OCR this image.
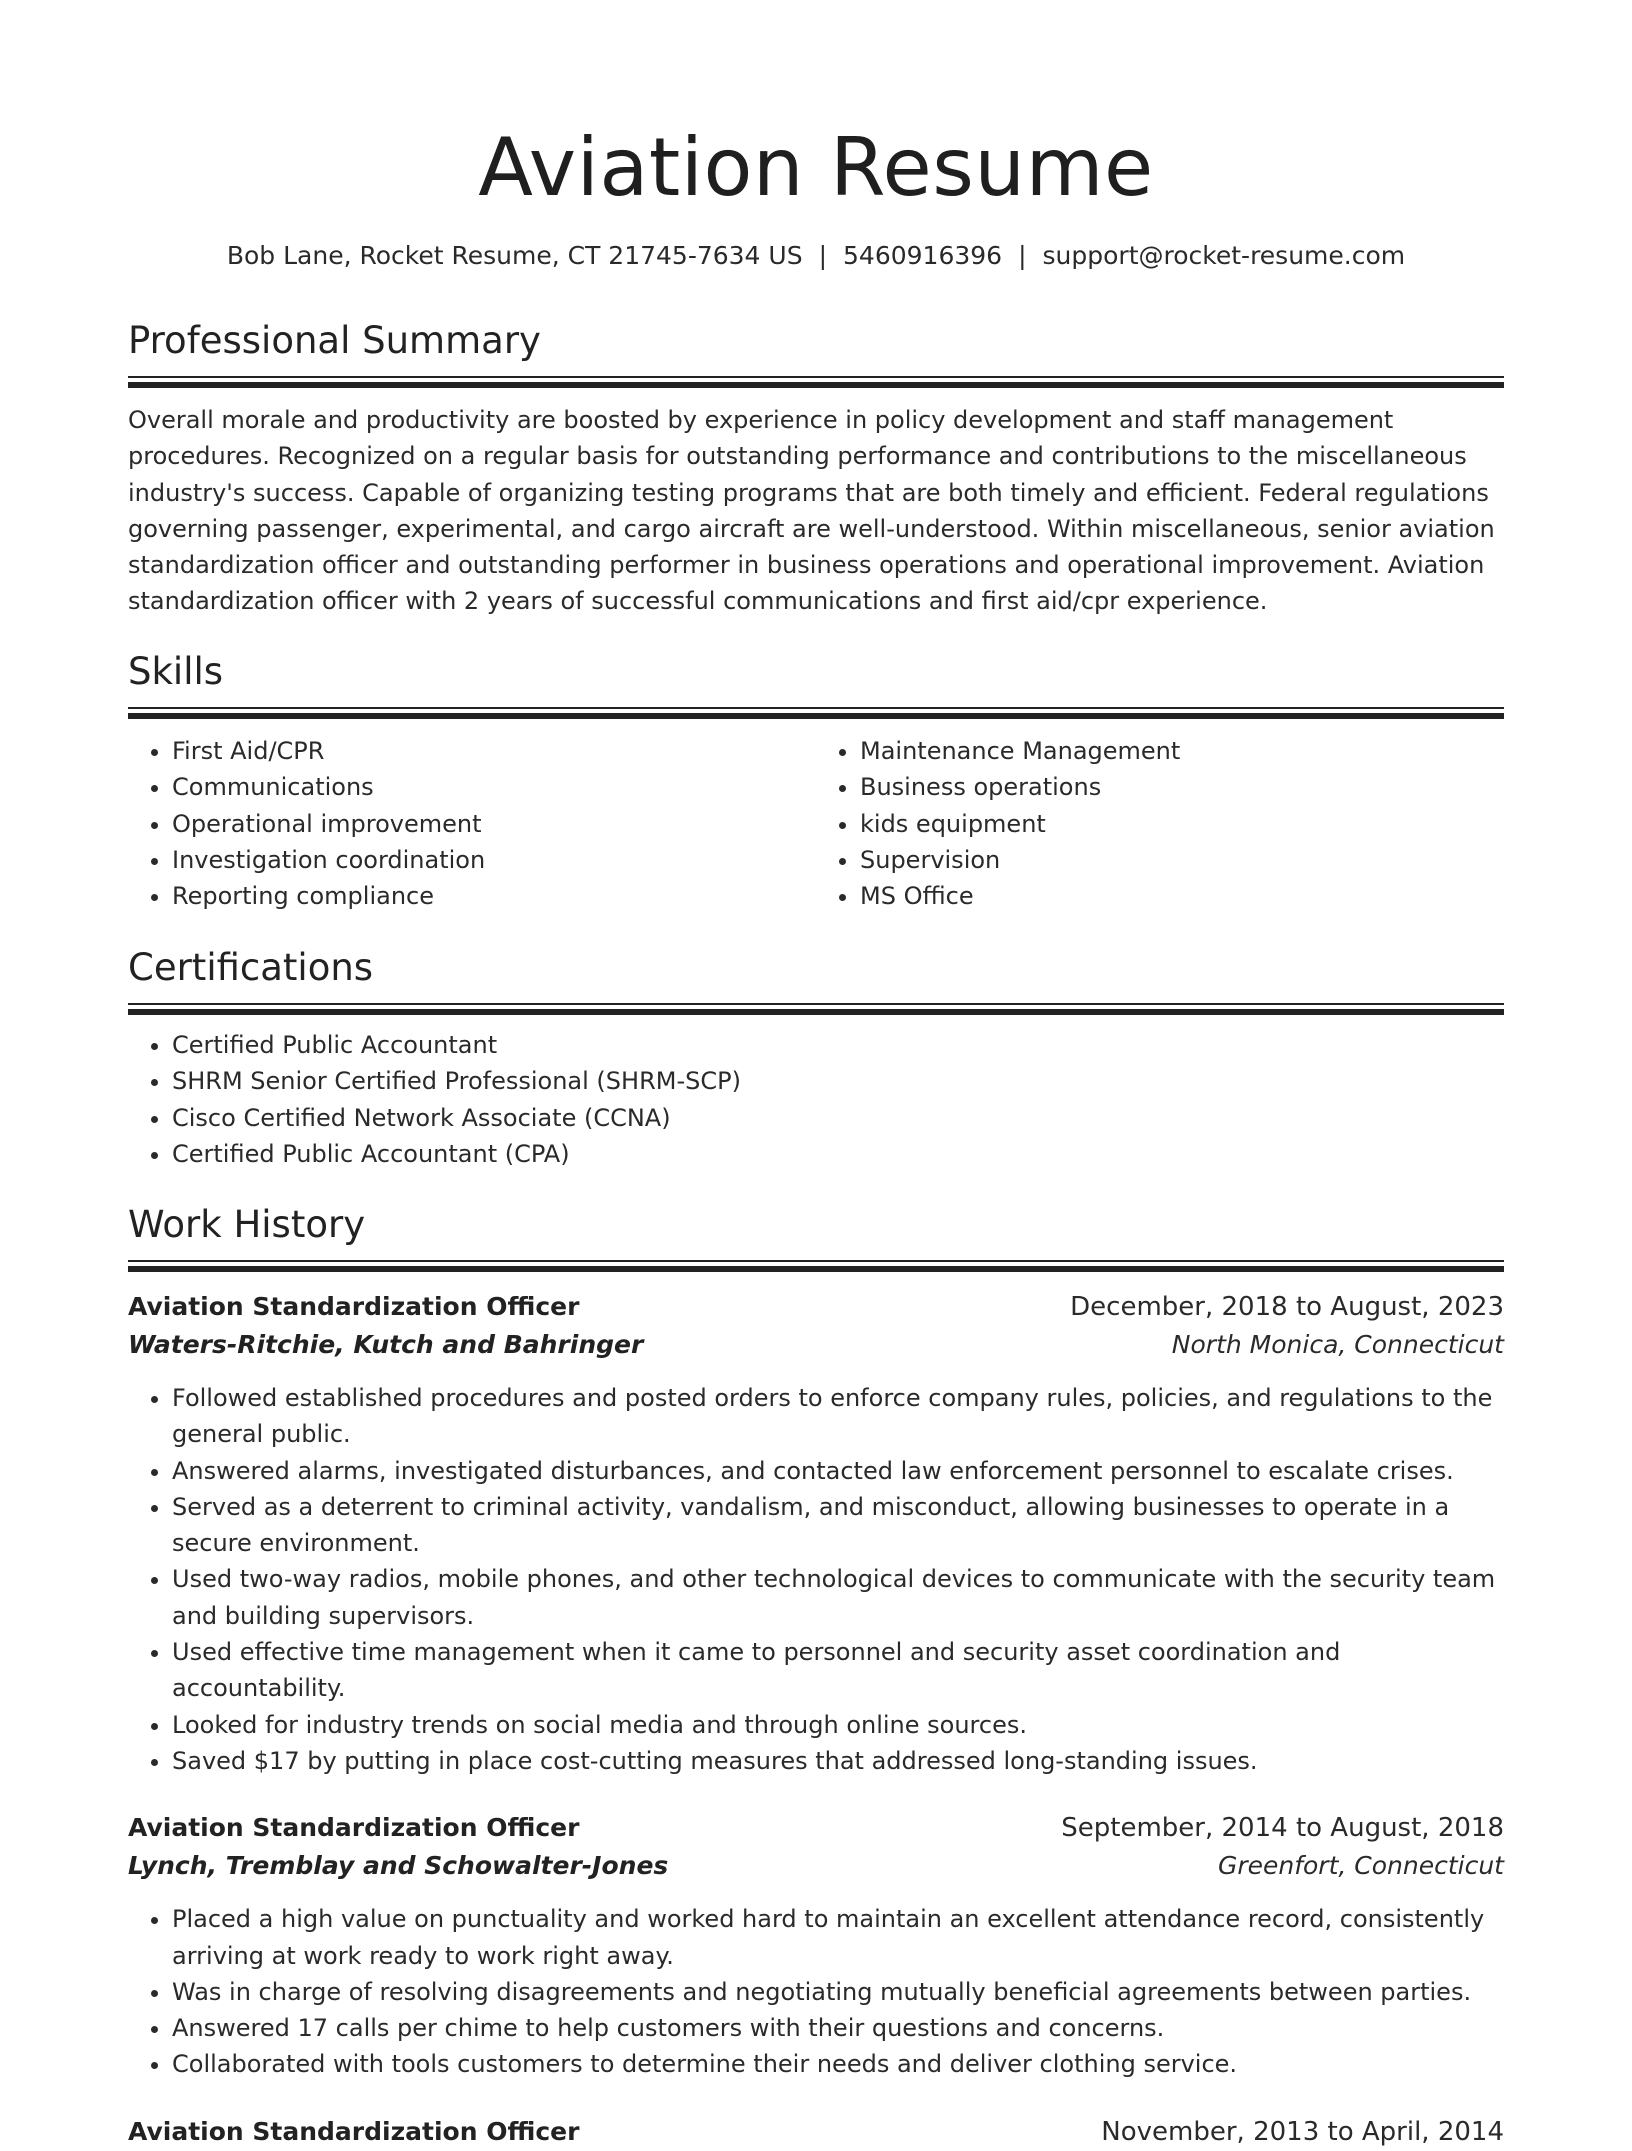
Aviation Resume
Bob Lane, Rocket Resume, CT 21745-7634 US | 5460916396 | support@rocket-resume.com
Professional Summary

Overall morale and productivity are boosted by experience in policy development and staff management procedures. Recognized on a regular basis for outstanding performance and contributions to the miscellaneous industry's success. Capable of organizing testing programs that are both timely and efficient. Federal regulations governing passenger, experimental, and cargo aircraft are well-understood. Within miscellaneous, senior aviation standardization officer and outstanding performer in business operations and operational improvement. Aviation standardization officer with 2 years of successful communications and first aid/cpr experience.

Skills
• First Aid/CPR
• Communications
• Operational improvement
• Investigation coordination
• Reporting compliance
• Maintenance Management
• Business operations
• kids equipment
• Supervision
• MS Office
Certifications
• Certified Public Accountant
• SHRM Senior Certified Professional (SHRM-SCP)
• Cisco Certified Network Associate (CCNA)
• Certified Public Accountant (CPA)
Work History
Aviation Standardization Officer	December, 2018 to August, 2023
Waters-Ritchie, Kutch and Bahringer	North Monica, Connecticut
• Followed established procedures and posted orders to enforce company rules, policies, and regulations to the general public.
• Answered alarms, investigated disturbances, and contacted law enforcement personnel to escalate crises.
• Served as a deterrent to criminal activity, vandalism, and misconduct, allowing businesses to operate in a secure environment.
• Used two-way radios, mobile phones, and other technological devices to communicate with the security team and building supervisors.
• Used effective time management when it came to personnel and security asset coordination and accountability.
• Looked for industry trends on social media and through online sources.
• Saved $17 by putting in place cost-cutting measures that addressed long-standing issues.
Aviation Standardization Officer	September, 2014 to August, 2018
Lynch, Tremblay and Schowalter-Jones	Greenfort, Connecticut
• Placed a high value on punctuality and worked hard to maintain an excellent attendance record, consistently arriving at work ready to work right away.
• Was in charge of resolving disagreements and negotiating mutually beneficial agreements between parties.
• Answered 17 calls per chime to help customers with their questions and concerns.
• Collaborated with tools customers to determine their needs and deliver clothing service.
Aviation Standardization Officer	November, 2013 to April, 2014
